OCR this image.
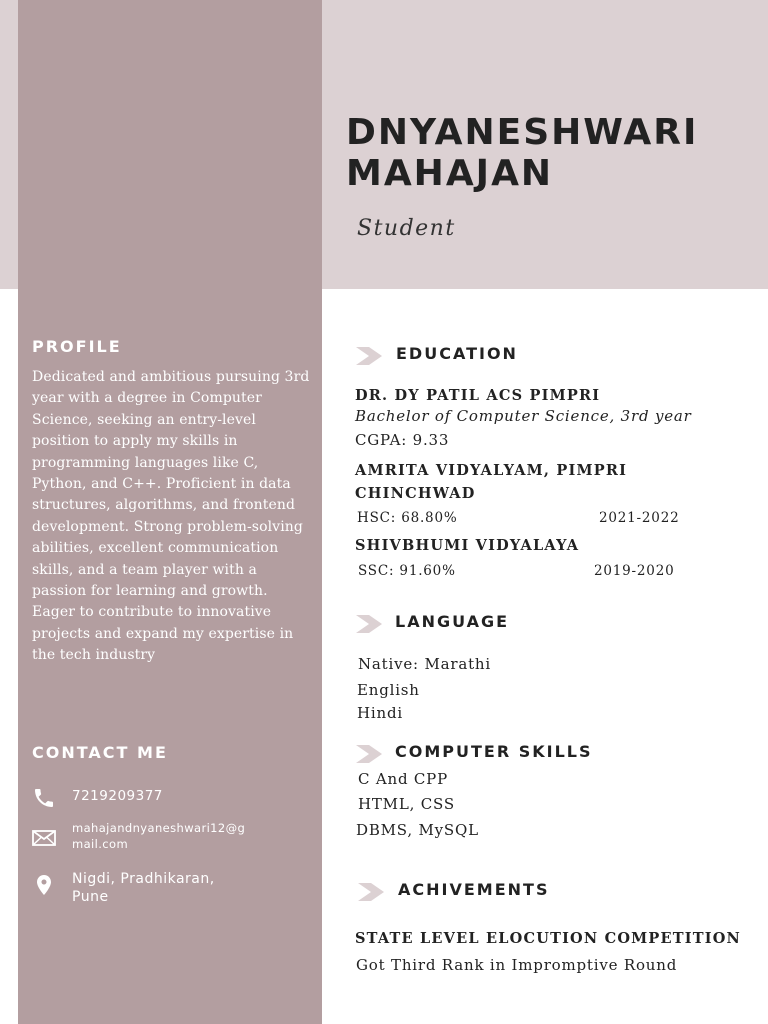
DNYANESHWARI
MAHAJAN
Student
PROFILE
Dedicated and ambitious pursuing 3rd year with a degree in Computer Science, seeking an entry-level position to apply my skills in programming languages like C, Python, and C++. Proficient in data structures, algorithms, and frontend development. Strong problem-solving abilities, excellent communication skills, and a team player with a passion for learning and growth. Eager to contribute to innovative projects and expand my expertise in the tech industry
CONTACT ME
7219209377
mahajandnyaneshwari12@g
mail.com
Nigdi, Pradhikaran,
Pune
EDUCATION
DR. DY PATIL ACS PIMPRI
Bachelor of Computer Science, 3rd year
CGPA: 9.33
AMRITA VIDYALYAM, PIMPRI
CHINCHWAD
HSC: 68.80%	2021-2022
SHIVBHUMI VIDYALAYA
SSC: 91.60%	2019-2020
LANGUAGE
Native: Marathi
English
Hindi
COMPUTER SKILLS
C And CPP
HTML, CSS
DBMS, MySQL
ACHIVEMENTS
STATE LEVEL ELOCUTION COMPETITION
Got Third Rank in Impromptive Round
